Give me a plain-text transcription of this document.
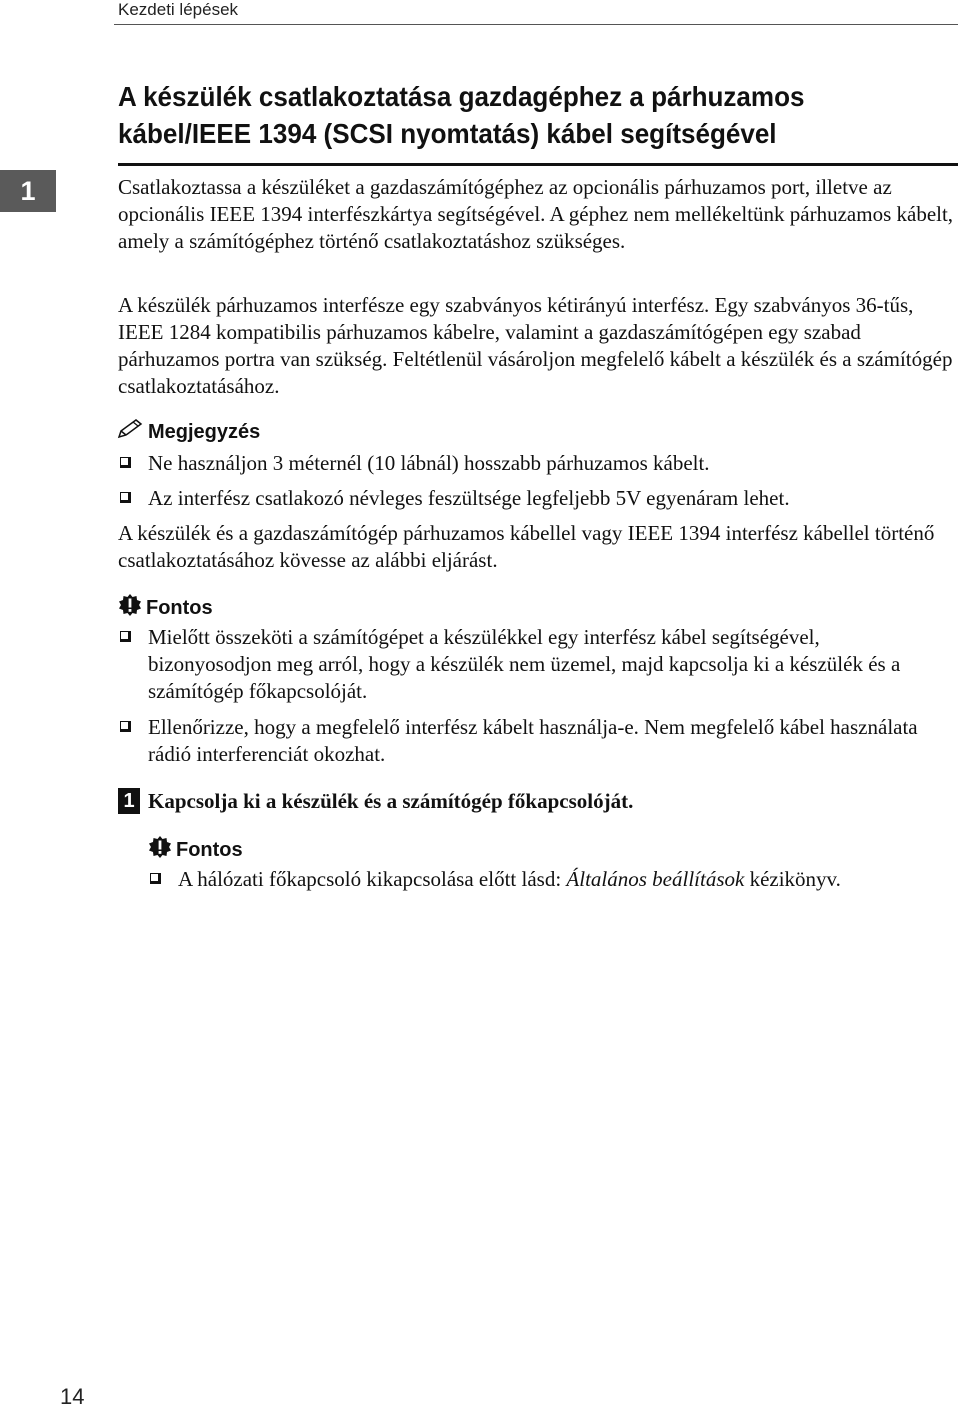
Kezdeti lépések
1
A készülék csatlakoztatása gazdagéphez a párhuzamos kábel/IEEE 1394 (SCSI nyomtatás) kábel segítségével

Csatlakoztassa a készüléket a gazdaszámítógéphez az opcionális párhuzamos port, illetve az opcionális IEEE 1394 interfészkártya segítségével. A géphez nem mellékeltünk párhuzamos kábelt, amely a számítógéphez történő csatlakoztatáshoz szükséges.

A készülék párhuzamos interfésze egy szabványos kétirányú interfész. Egy szabványos 36-tűs, IEEE 1284 kompatibilis párhuzamos kábelre, valamint a gazdaszámítógépen egy szabad párhuzamos portra van szükség. Feltétlenül vásároljon megfelelő kábelt a készülék és a számítógép csatlakoztatásához.

Megjegyzés
Ne használjon 3 méternél (10 lábnál) hosszabb párhuzamos kábelt.
Az interfész csatlakozó névleges feszültsége legfeljebb 5V egyenáram lehet.

A készülék és a gazdaszámítógép párhuzamos kábellel vagy IEEE 1394 interfész kábellel történő csatlakoztatásához kövesse az alábbi eljárást.

Fontos
Mielőtt összeköti a számítógépet a készülékkel egy interfész kábel segítségével, bizonyosodjon meg arról, hogy a készülék nem üzemel, majd kapcsolja ki a készülék és a számítógép főkapcsolóját.
Ellenőrizze, hogy a megfelelő interfész kábelt használja-e. Nem megfelelő kábel használata rádió interferenciát okozhat.
1 Kapcsolja ki a készülék és a számítógép főkapcsolóját.
Fontos
A hálózati főkapcsoló kikapcsolása előtt lásd: Általános beállítások kézikönyv.
14
